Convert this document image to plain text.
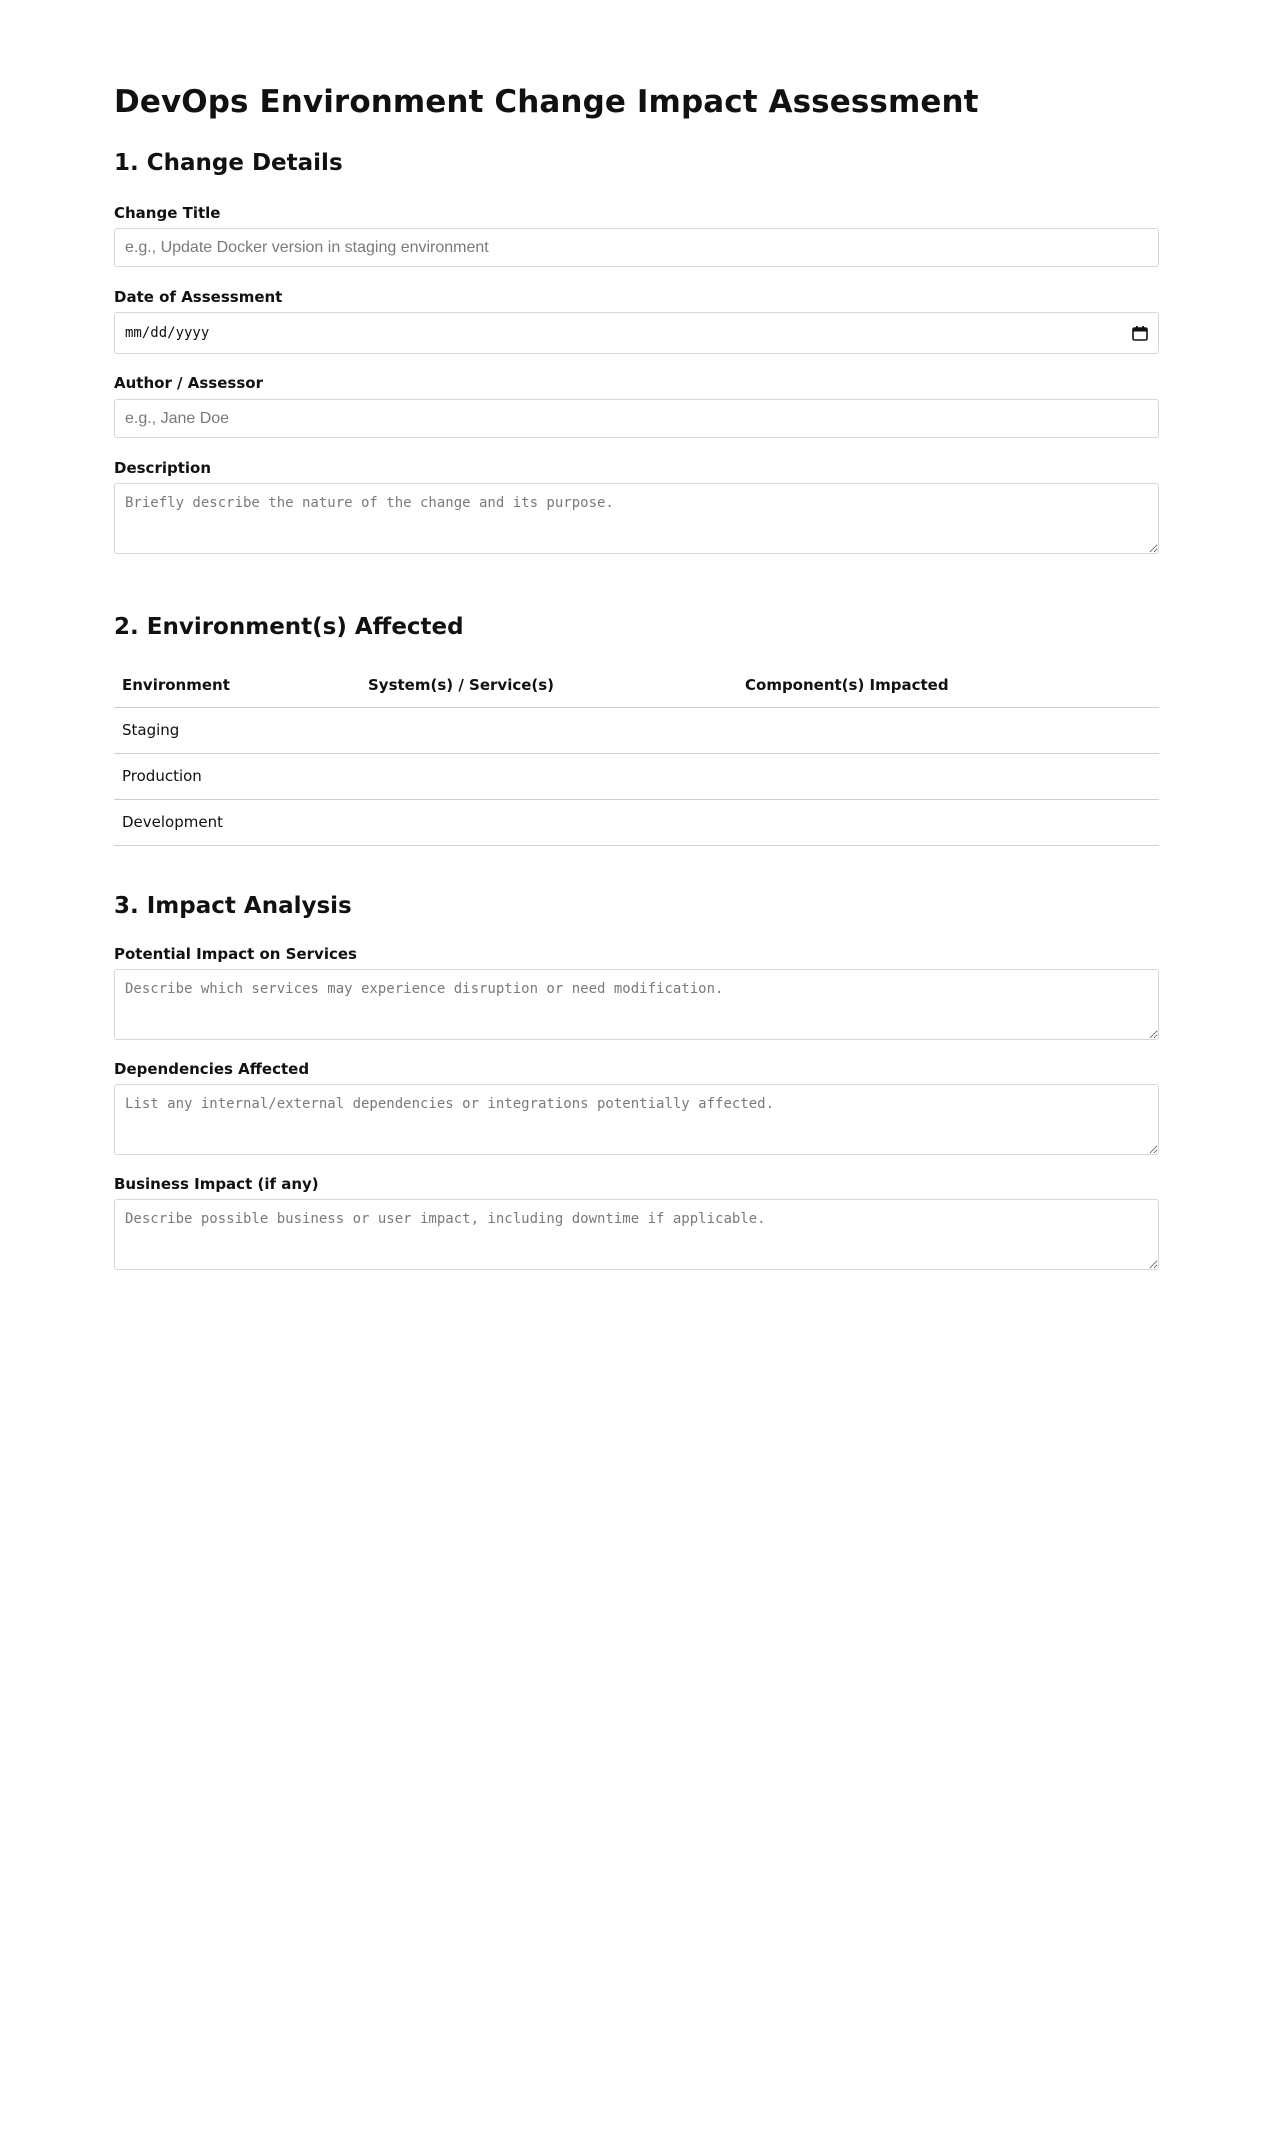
DevOps Environment Change Impact Assessment
1. Change Details
Change Title
e.g., Update Docker version in staging environment
Date of Assessment
mm/dd/yyyy
Author / Assessor
e.g., Jane Doe
Description
Briefly describe the nature of the change and its purpose.
2. Environment(s) Affected
Environment	System(s) / Service(s)	Component(s) Impacted
Staging		
Production		
Development		
3. Impact Analysis
Potential Impact on Services
Describe which services may experience disruption or need modification.
Dependencies Affected
List any internal/external dependencies or integrations potentially affected.
Business Impact (if any)
Describe possible business or user impact, including downtime if applicable.
